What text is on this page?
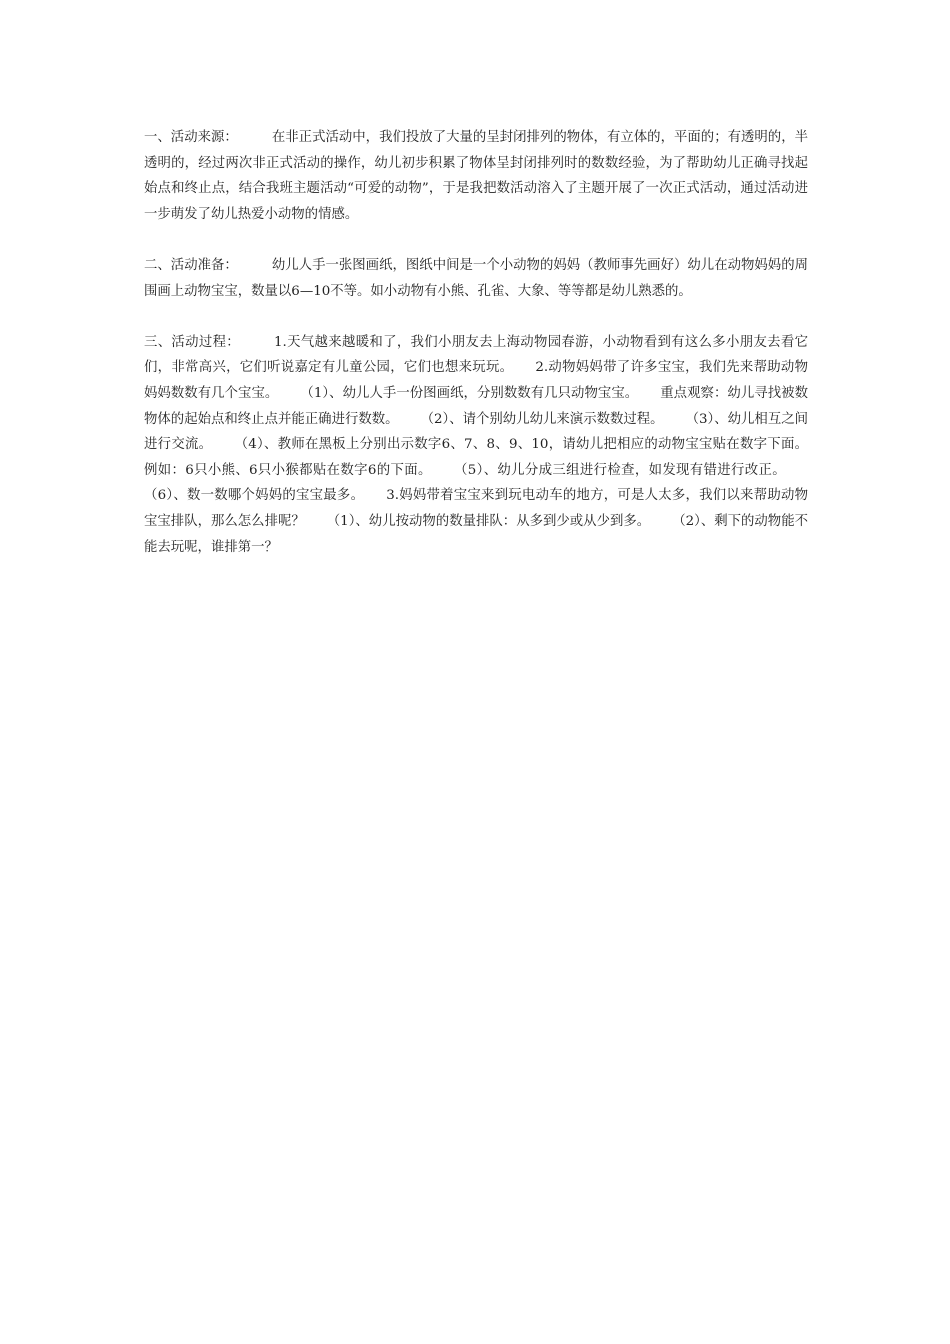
一、活动来源：	在非正式活动中，我们投放了大量的呈封闭排列的物体，有立体的，平面的；有透明的，半透明的，经过两次非正式活动的操作，幼儿初步积累了物体呈封闭排列时的数数经验，为了帮助幼儿正确寻找起始点和终止点，结合我班主题活动“可爱的动物”，于是我把数活动溶入了主题开展了一次正式活动，通过活动进一步萌发了幼儿热爱小动物的情感。

二、活动准备：	幼儿人手一张图画纸，图纸中间是一个小动物的妈妈（教师事先画好）幼儿在动物妈妈的周围画上动物宝宝，数量以6—10不等。如小动物有小熊、孔雀、大象、等等都是幼儿熟悉的。

三、活动过程：	1.天气越来越暖和了，我们小朋友去上海动物园春游，小动物看到有这么多小朋友去看它们，非常高兴，它们听说嘉定有儿童公园，它们也想来玩玩。 2.动物妈妈带了许多宝宝，我们先来帮助动物妈妈数数有几个宝宝。 （1）、幼儿人手一份图画纸，分别数数有几只动物宝宝。 重点观察：幼儿寻找被数物体的起始点和终止点并能正确进行数数。 （2）、请个别幼儿幼儿来演示数数过程。 （3）、幼儿相互之间进行交流。 （4）、教师在黑板上分别出示数字6、7、8、9、10，请幼儿把相应的动物宝宝贴在数字下面。例如：6只小熊、6只小猴都贴在数字6的下面。 （5）、幼儿分成三组进行检查，如发现有错进行改正。（6）、数一数哪个妈妈的宝宝最多。 3.妈妈带着宝宝来到玩电动车的地方，可是人太多，我们以来帮助动物宝宝排队，那么怎么排呢？ （1）、幼儿按动物的数量排队：从多到少或从少到多。 （2）、剩下的动物能不能去玩呢，谁排第一？
